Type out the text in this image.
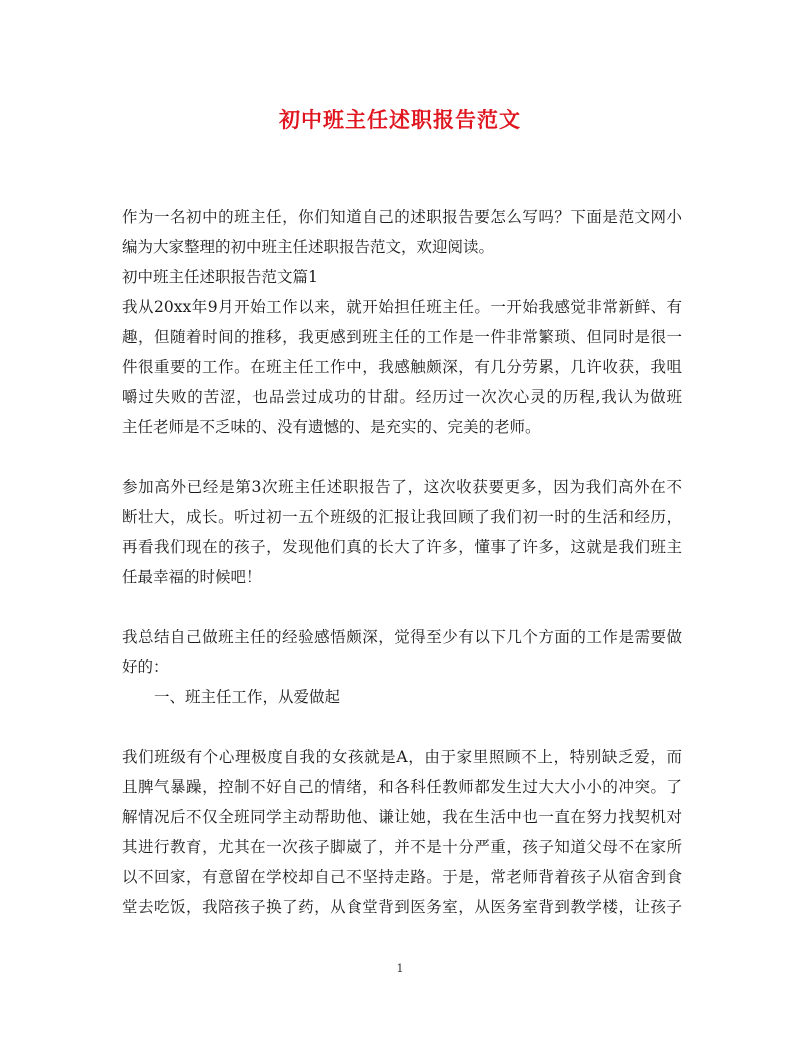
初中班主任述职报告范文
作为一名初中的班主任，你们知道自己的述职报告要怎么写吗？下面是范文网小
编为大家整理的初中班主任述职报告范文，欢迎阅读。
初中班主任述职报告范文篇1
我从20xx年9月开始工作以来，就开始担任班主任。一开始我感觉非常新鲜、有
趣，但随着时间的推移，我更感到班主任的工作是一件非常繁琐、但同时是很一
件很重要的工作。在班主任工作中，我感触颇深，有几分劳累，几许收获，我咀
嚼过失败的苦涩，也品尝过成功的甘甜。经历过一次次心灵的历程,我认为做班
主任老师是不乏味的、没有遗憾的、是充实的、完美的老师。
参加高外已经是第3次班主任述职报告了，这次收获要更多，因为我们高外在不
断壮大，成长。听过初一五个班级的汇报让我回顾了我们初一时的生活和经历，
再看我们现在的孩子，发现他们真的长大了许多，懂事了许多，这就是我们班主
任最幸福的时候吧！
我总结自己做班主任的经验感悟颇深，觉得至少有以下几个方面的工作是需要做
好的：
一、班主任工作，从爱做起
我们班级有个心理极度自我的女孩就是A，由于家里照顾不上，特别缺乏爱，而
且脾气暴躁，控制不好自己的情绪，和各科任教师都发生过大大小小的冲突。了
解情况后不仅全班同学主动帮助他、谦让她，我在生活中也一直在努力找契机对
其进行教育，尤其在一次孩子脚崴了，并不是十分严重，孩子知道父母不在家所
以不回家，有意留在学校却自己不坚持走路。于是，常老师背着孩子从宿舍到食
堂去吃饭，我陪孩子换了药，从食堂背到医务室，从医务室背到教学楼，让孩子
1
